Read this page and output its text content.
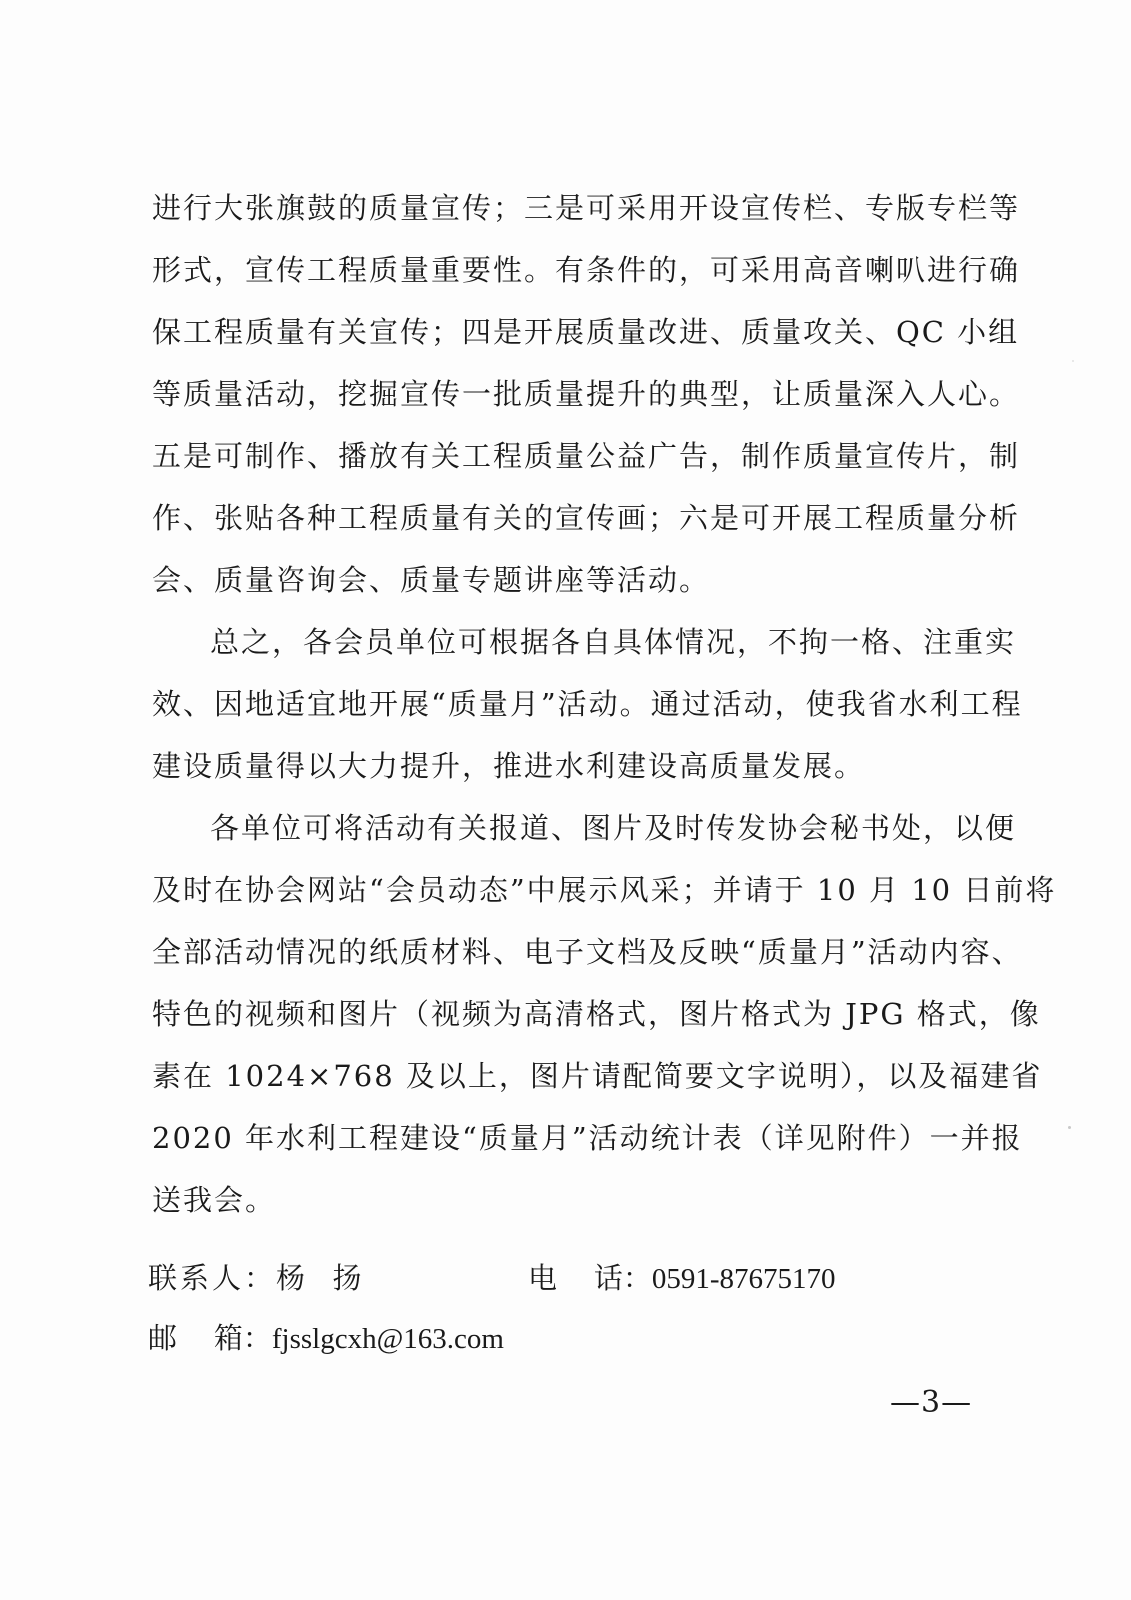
进行大张旗鼓的质量宣传；三是可采用开设宣传栏、专版专栏等
形式，宣传工程质量重要性。有条件的，可采用高音喇叭进行确
保工程质量有关宣传；四是开展质量改进、质量攻关、QC 小组
等质量活动，挖掘宣传一批质量提升的典型，让质量深入人心。
五是可制作、播放有关工程质量公益广告，制作质量宣传片，制
作、张贴各种工程质量有关的宣传画；六是可开展工程质量分析
会、质量咨询会、质量专题讲座等活动。
总之，各会员单位可根据各自具体情况，不拘一格、注重实
效、因地适宜地开展“质量月”活动。通过活动，使我省水利工程
建设质量得以大力提升，推进水利建设高质量发展。
各单位可将活动有关报道、图片及时传发协会秘书处，以便
及时在协会网站“会员动态”中展示风采；并请于 10 月 10 日前将
全部活动情况的纸质材料、电子文档及反映“质量月”活动内容、
特色的视频和图片（视频为高清格式，图片格式为 JPG 格式，像
素在 1024×768 及以上，图片请配简要文字说明），以及福建省
2020 年水利工程建设“质量月”活动统计表（详见附件）一并报
送我会。
联系人：杨  扬	电    话：0591-87675170
邮    箱：fjsslgcxh@163.com
—3—
